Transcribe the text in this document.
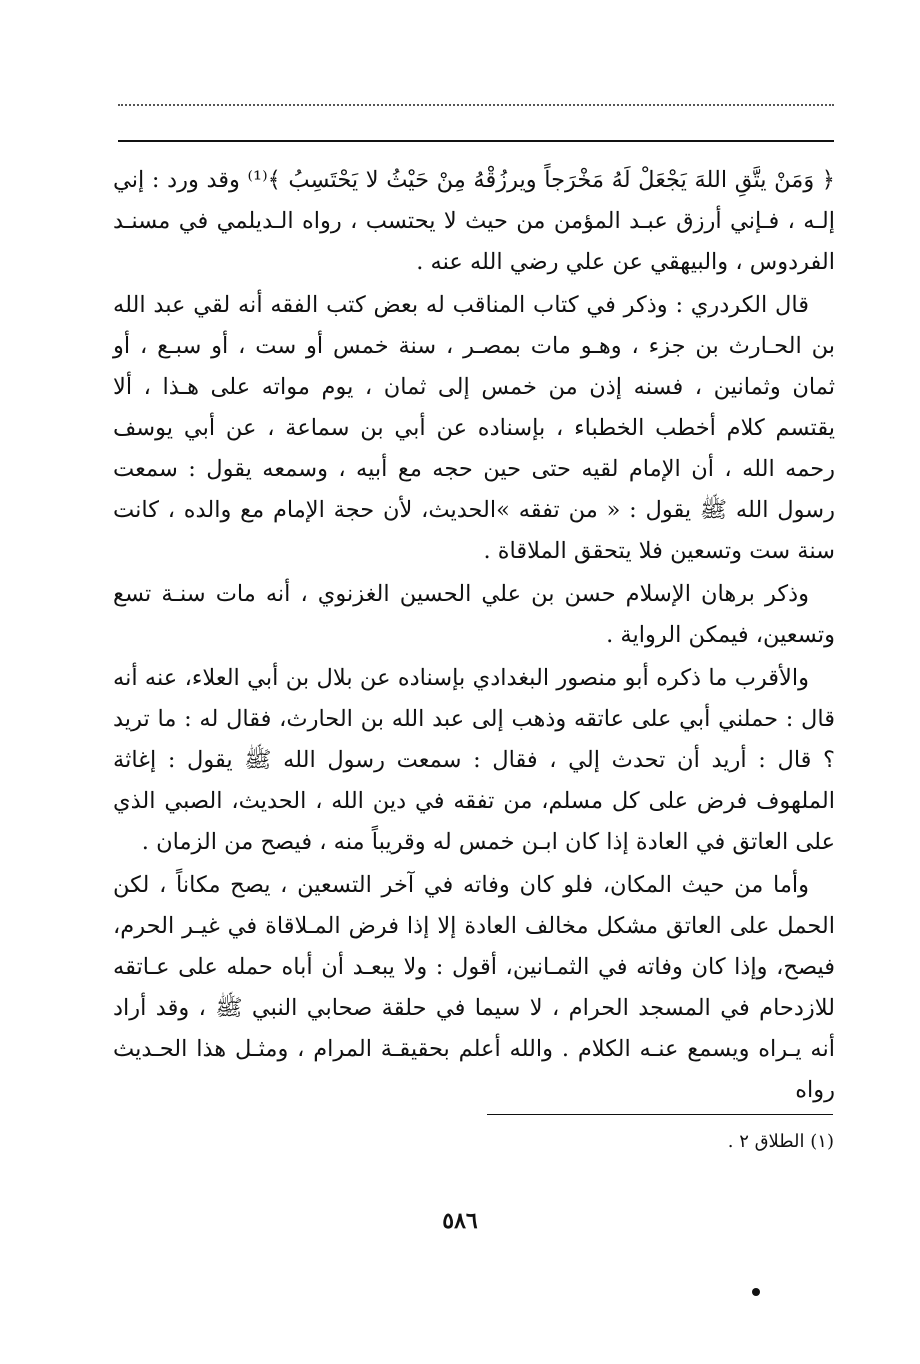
﴿ وَمَنْ يتَّقِ اللهَ يَجْعَلْ لَهُ مَخْرَجاً ويرزُقْهُ مِنْ حَيْثُ لا يَحْتَسِبُ ﴾⁽¹⁾ وقد ورد : إني إلـه ، فـإني أرزق عبـد المؤمن من حيث لا يحتسب ، رواه الـديلمي في مسنـد الفردوس ، والبيهقي عن علي رضي الله عنه .

قال الكردري : وذكر في كتاب المناقب له بعض كتب الفقه أنه لقي عبد الله بن الحـارث بن جزء ، وهـو مات بمصـر ، سنة خمس أو ست ، أو سبـع ، أو ثمان وثمانين ، فسنه إذن من خمس إلى ثمان ، يوم مواته على هـذا ، ألا يقتسم كلام أخطب الخطباء ، بإسناده عن أبي بن سماعة ، عن أبي يوسف رحمه الله ، أن الإمام لقيه حتى حين حجه مع أبيه ، وسمعه يقول : سمعت رسول الله ﷺ يقول : « من تفقه »الحديث، لأن حجة الإمام مع والده ، كانت سنة ست وتسعين فلا يتحقق الملاقاة .

وذكر برهان الإسلام حسن بن علي الحسين الغزنوي ، أنه مات سنـة تسع وتسعين، فيمكن الرواية .

والأقرب ما ذكره أبو منصور البغدادي بإسناده عن بلال بن أبي العلاء، عنه أنه قال : حملني أبي على عاتقه وذهب إلى عبد الله بن الحارث، فقال له : ما تريد ؟ قال : أريد أن تحدث إلي ، فقال : سمعت رسول الله ﷺ يقول : إغاثة الملهوف فرض على كل مسلم، من تفقه في دين الله ، الحديث، الصبي الذي على العاتق في العادة إذا كان ابـن خمس له وقريباً منه ، فيصح من الزمان .

وأما من حيث المكان، فلو كان وفاته في آخر التسعين ، يصح مكاناً ، لكن الحمل على العاتق مشكل مخالف العادة إلا إذا فرض المـلاقاة في غيـر الحرم، فيصح، وإذا كان وفاته في الثمـانين، أقول : ولا يبعـد أن أباه حمله على عـاتقه للازدحام في المسجد الحرام ، لا سيما في حلقة صحابي النبي ﷺ ، وقد أراد أنه يـراه ويسمع عنـه الكلام . والله أعلم بحقيقـة المرام ، ومثـل هذا الحـديث رواه

(١) الطلاق ٢ .
٥٨٦
